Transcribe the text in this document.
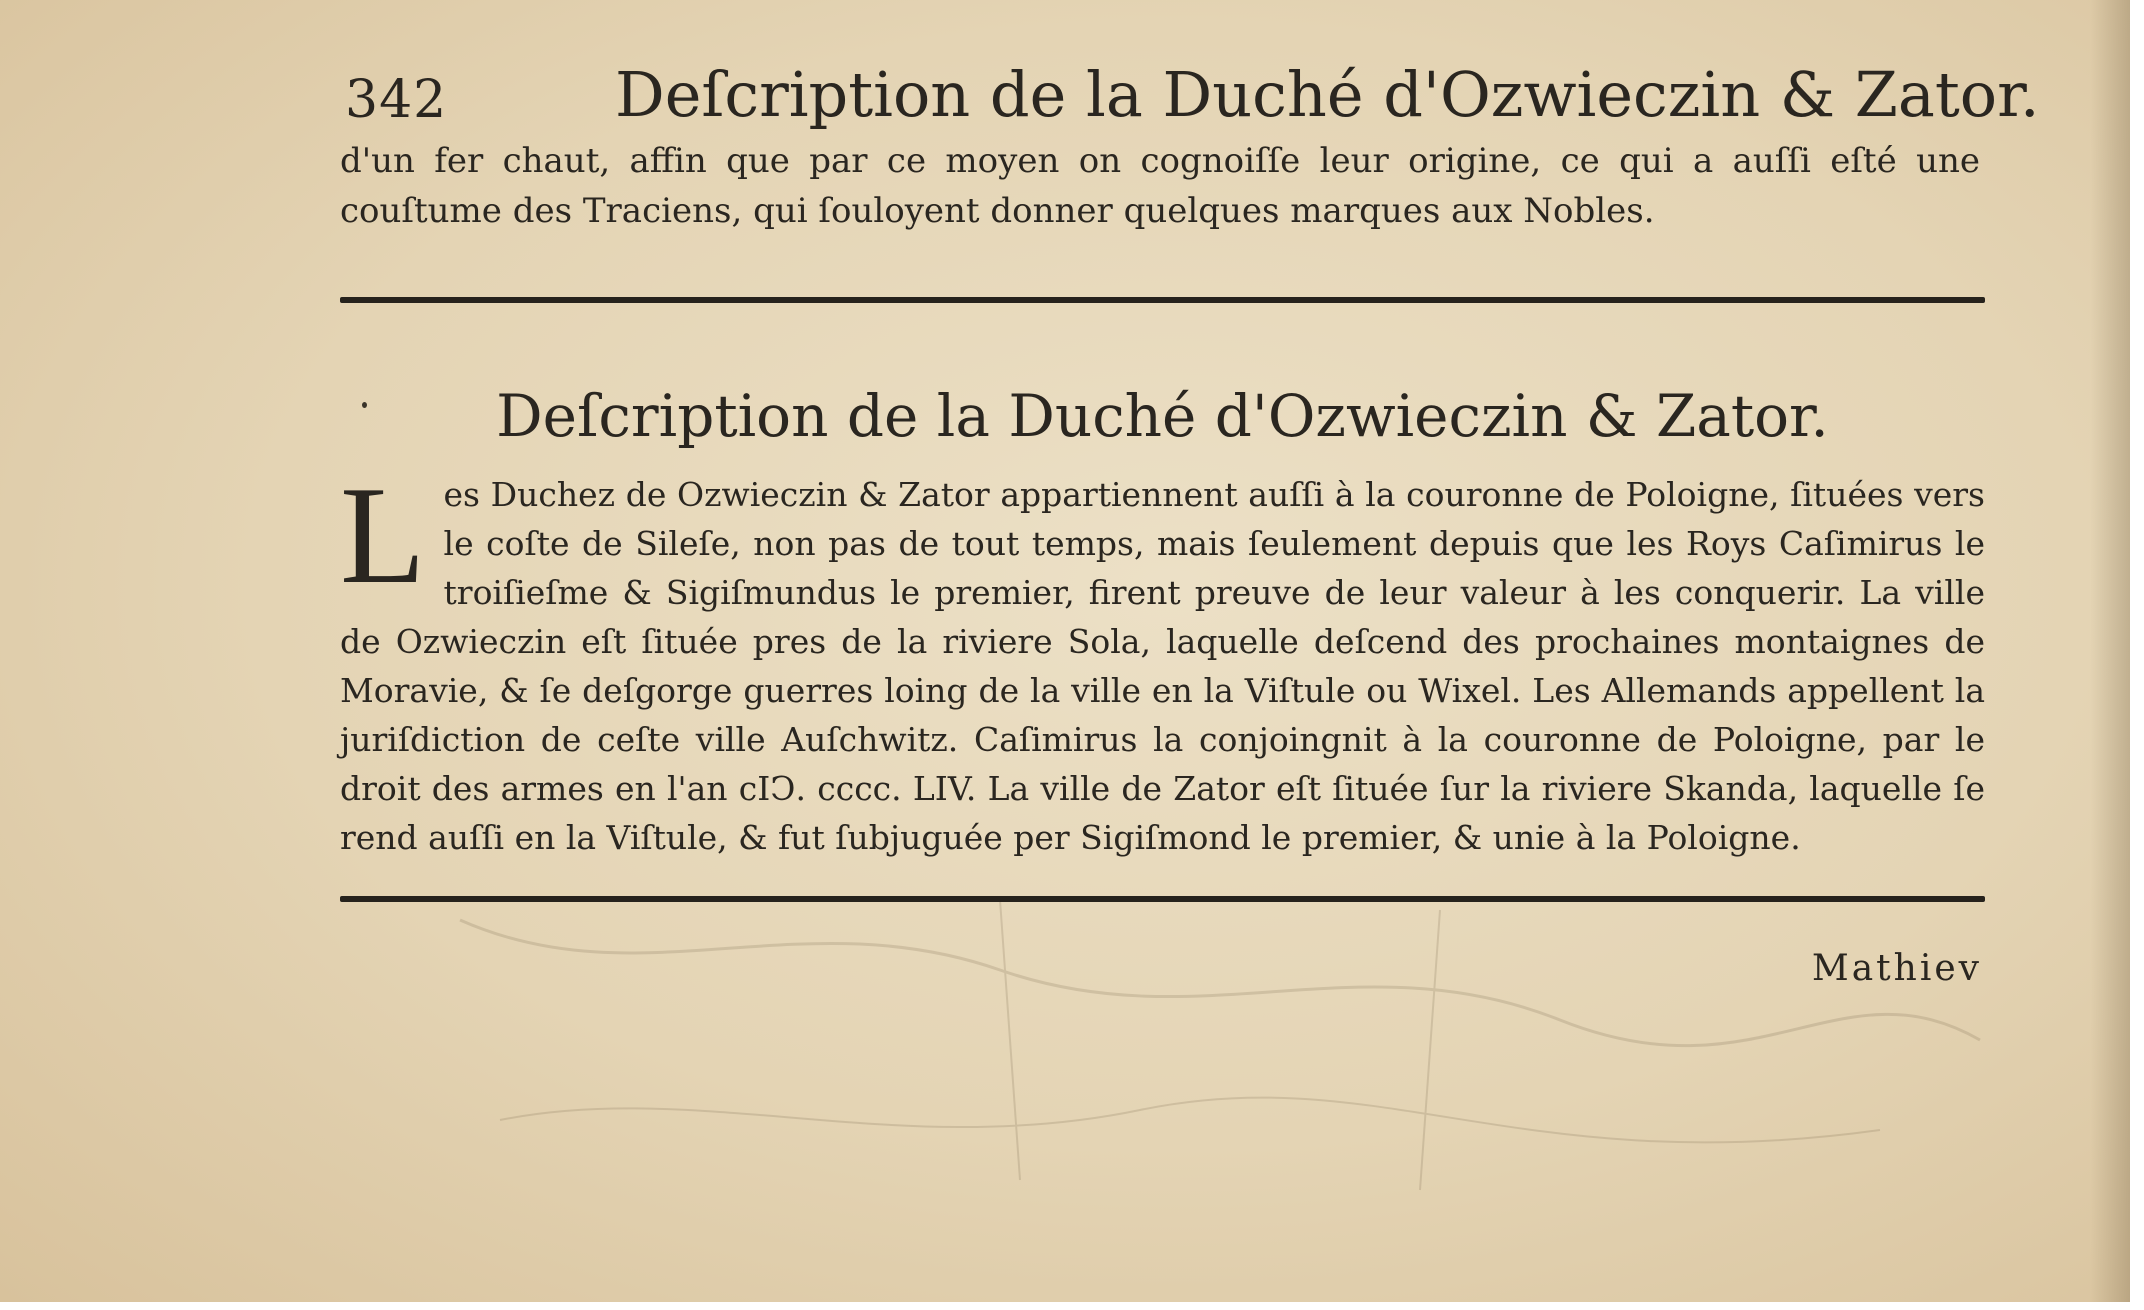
342	Deſcription de la Duché d'Ozwieczin & Zator.
d'un fer chaut, affin que par ce moyen on cognoiſſe leur origine, ce qui a auſſi eſté une couſtume des Traciens, qui ſouloyent donner quelques marques aux Nobles.
Deſcription de la Duché d'Ozwieczin & Zator.
L es Duchez de Ozwieczin & Zator appartiennent auſſi à la couronne de Poloigne, ſituées vers le coſte de Sileſe, non pas de tout temps, mais ſeulement depuis que les Roys Caſimirus le troiſieſme & Sigiſmundus le premier, firent preuve de leur valeur à les conquerir. La ville de Ozwieczin eſt ſituée pres de la riviere Sola, laquelle deſcend des prochaines montaignes de Moravie, & ſe deſgorge guerres loing de la ville en la Viſtule ou Wixel. Les Allemands appellent la juriſdiction de ceſte ville Auſchwitz. Caſimirus la conjoingnit à la couronne de Poloigne, par le droit des armes en l'an cIↃ. cccc. LIV. La ville de Zator eſt ſituée ſur la riviere Skanda, laquelle ſe rend auſſi en la Viſtule, & fut ſubjuguée per Sigiſmond le premier, & unie à la Poloigne.
Mathiev
